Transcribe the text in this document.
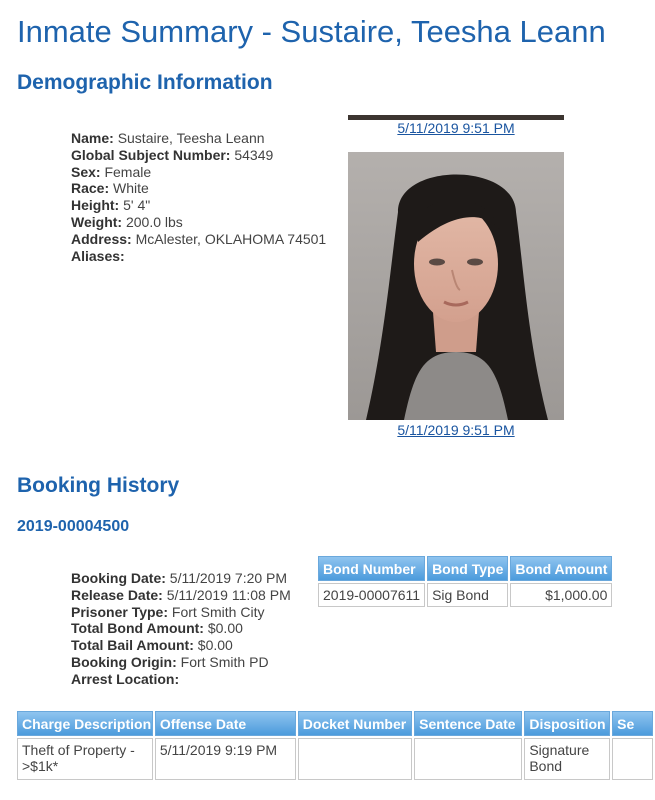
Inmate Summary - Sustaire, Teesha Leann
Demographic Information
Name: Sustaire, Teesha Leann
Global Subject Number: 54349
Sex: Female
Race: White
Height: 5' 4"
Weight: 200.0 lbs
Address: McAlester, OKLAHOMA 74501
Aliases:
5/11/2019 9:51 PM
5/11/2019 9:51 PM
Booking History
2019-00004500
Booking Date: 5/11/2019 7:20 PM
Release Date: 5/11/2019 11:08 PM
Prisoner Type: Fort Smith City
Total Bond Amount: $0.00
Total Bail Amount: $0.00
Booking Origin: Fort Smith PD
Arrest Location:
Bond Number	Bond Type	Bond Amount
2019-00007611	Sig Bond	$1,000.00
Charge Description	Offense Date	Docket Number	Sentence Date	Disposition	Se
Theft of Property - >$1k*	5/11/2019 9:19 PM			Signature Bond	
